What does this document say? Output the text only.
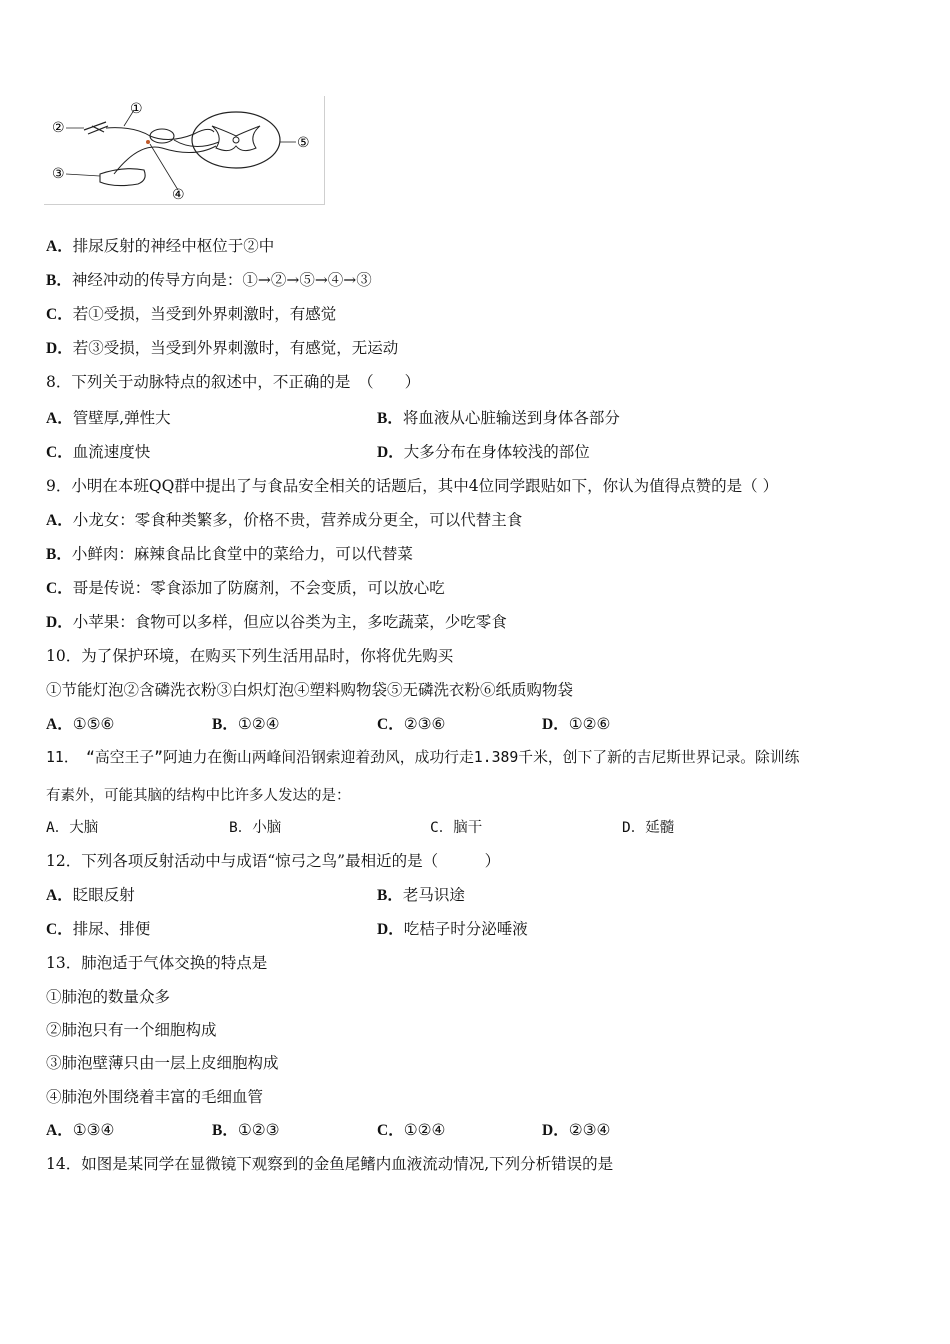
①
②
③
④
⑤
A．排尿反射的神经中枢位于②中
B．神经冲动的传导方向是：①→②→⑤→④→③
C．若①受损，当受到外界刺激时，有感觉
D．若③受损，当受到外界刺激时，有感觉，无运动
8．下列关于动脉特点的叙述中，不正确的是　（　　）
A．管壁厚,弹性大	B．将血液从心脏输送到身体各部分
C．血流速度快	D．大多分布在身体较浅的部位
9．小明在本班QQ群中提出了与食品安全相关的话题后，其中4位同学跟贴如下，你认为值得点赞的是（ ）
A．小龙女：零食种类繁多，价格不贵，营养成分更全，可以代替主食
B．小鲜肉：麻辣食品比食堂中的菜给力，可以代替菜
C．哥是传说：零食添加了防腐剂，不会变质，可以放心吃
D．小苹果：食物可以多样，但应以谷类为主，多吃蔬菜，少吃零食
10．为了保护环境，在购买下列生活用品时，你将优先购买
①节能灯泡②含磷洗衣粉③白炽灯泡④塑料购物袋⑤无磷洗衣粉⑥纸质购物袋
A．①⑤⑥	B．①②④	C．②③⑥	D．①②⑥
11．　“高空王子”阿迪力在衡山两峰间沿钢索迎着劲风，成功行走1.389千米，创下了新的吉尼斯世界记录。除训练
有素外，可能其脑的结构中比许多人发达的是：
A．大脑	B．小脑	C．脑干	D．延髓
12．下列各项反射活动中与成语“惊弓之鸟”最相近的是（　　　）
A．眨眼反射	B．老马识途
C．排尿、排便	D．吃桔子时分泌唾液
13．肺泡适于气体交换的特点是
①肺泡的数量众多
②肺泡只有一个细胞构成
③肺泡壁薄只由一层上皮细胞构成
④肺泡外围绕着丰富的毛细血管
A．①③④	B．①②③	C．①②④	D．②③④
14．如图是某同学在显微镜下观察到的金鱼尾鳍内血液流动情况,下列分析错误的是
